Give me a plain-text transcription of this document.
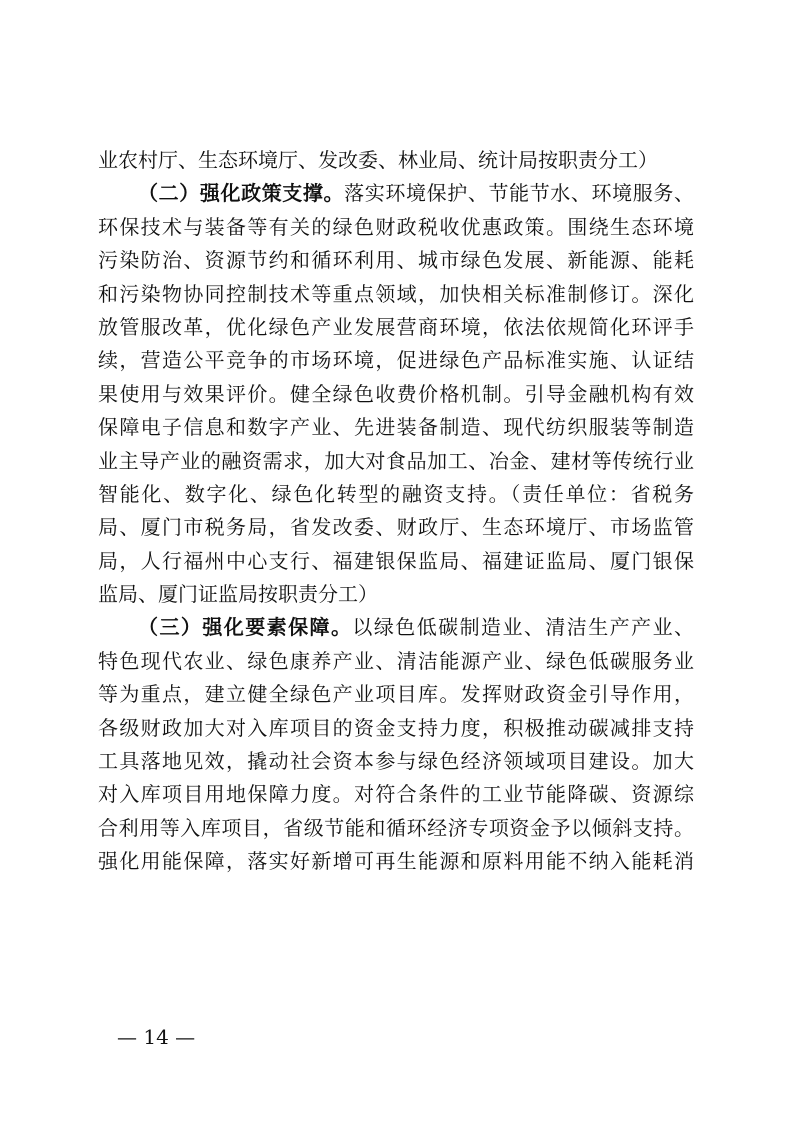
业农村厅、生态环境厅、发改委、林业局、统计局按职责分工）
（二）强化政策支撑。落实环境保护、节能节水、环境服务、
环保技术与装备等有关的绿色财政税收优惠政策。围绕生态环境
污染防治、资源节约和循环利用、城市绿色发展、新能源、能耗
和污染物协同控制技术等重点领域，加快相关标准制修订。深化
放管服改革，优化绿色产业发展营商环境，依法依规简化环评手
续，营造公平竞争的市场环境，促进绿色产品标准实施、认证结
果使用与效果评价。健全绿色收费价格机制。引导金融机构有效
保障电子信息和数字产业、先进装备制造、现代纺织服装等制造
业主导产业的融资需求，加大对食品加工、冶金、建材等传统行业
智能化、数字化、绿色化转型的融资支持。（责任单位：省税务
局、厦门市税务局，省发改委、财政厅、生态环境厅、市场监管
局，人行福州中心支行、福建银保监局、福建证监局、厦门银保
监局、厦门证监局按职责分工）
（三）强化要素保障。以绿色低碳制造业、清洁生产产业、
特色现代农业、绿色康养产业、清洁能源产业、绿色低碳服务业
等为重点，建立健全绿色产业项目库。发挥财政资金引导作用，
各级财政加大对入库项目的资金支持力度，积极推动碳减排支持
工具落地见效，撬动社会资本参与绿色经济领域项目建设。加大
对入库项目用地保障力度。对符合条件的工业节能降碳、资源综
合利用等入库项目，省级节能和循环经济专项资金予以倾斜支持。
强化用能保障，落实好新增可再生能源和原料用能不纳入能耗消
— 14 —
